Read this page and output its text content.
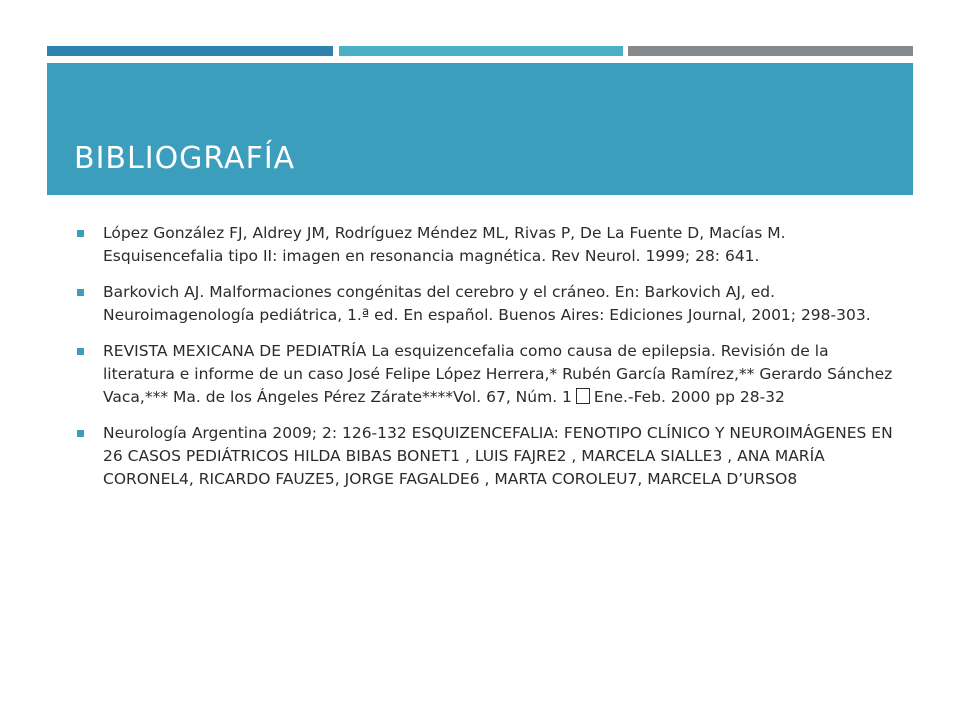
BIBLIOGRAFÍA
López González FJ, Aldrey JM, Rodríguez Méndez ML, Rivas P, De La Fuente D, Macías M. Esquisencefalia tipo II: imagen en resonancia magnética. Rev Neurol. 1999; 28: 641.
Barkovich AJ. Malformaciones congénitas del cerebro y el cráneo. En: Barkovich AJ, ed. Neuroimagenología pediátrica, 1.ª ed. En español. Buenos Aires: Ediciones Journal, 2001; 298-303.
REVISTA MEXICANA DE PEDIATRÍA La esquizencefalia como causa de epilepsia. Revisión de la literatura e informe de un caso José Felipe López Herrera,* Rubén García Ramírez,** Gerardo Sánchez Vaca,*** Ma. de los Ángeles Pérez Zárate****Vol. 67, Núm. 1 Ene.-Feb. 2000 pp 28-32
Neurología Argentina 2009; 2: 126-132 ESQUIZENCEFALIA: FENOTIPO CLÍNICO Y NEUROIMÁGENES EN 26 CASOS PEDIÁTRICOS HILDA BIBAS BONET1 , LUIS FAJRE2 , MARCELA SIALLE3 , ANA MARÍA CORONEL4, RICARDO FAUZE5, JORGE FAGALDE6 , MARTA COROLEU7, MARCELA D’URSO8
